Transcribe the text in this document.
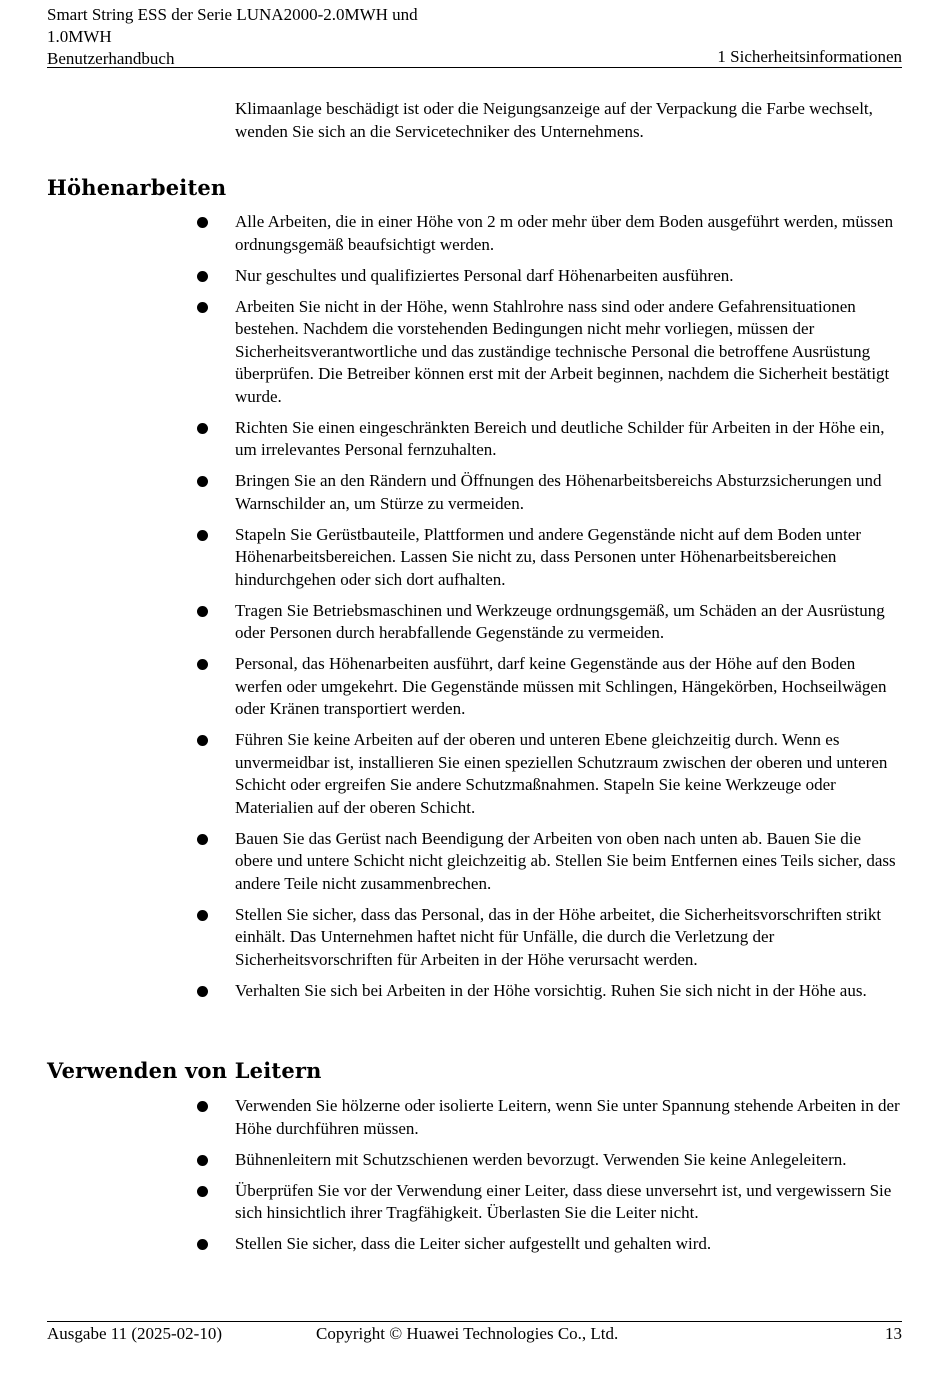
Smart String ESS der Serie LUNA2000-2.0MWH und
1.0MWH
Benutzerhandbuch	1 Sicherheitsinformationen
Klimaanlage beschädigt ist oder die Neigungsanzeige auf der Verpackung die Farbe wechselt, wenden Sie sich an die Servicetechniker des Unternehmens.
Höhenarbeiten
Alle Arbeiten, die in einer Höhe von 2 m oder mehr über dem Boden ausgeführt werden, müssen ordnungsgemäß beaufsichtigt werden.
Nur geschultes und qualifiziertes Personal darf Höhenarbeiten ausführen.
Arbeiten Sie nicht in der Höhe, wenn Stahlrohre nass sind oder andere Gefahrensituationen bestehen. Nachdem die vorstehenden Bedingungen nicht mehr vorliegen, müssen der Sicherheitsverantwortliche und das zuständige technische Personal die betroffene Ausrüstung überprüfen. Die Betreiber können erst mit der Arbeit beginnen, nachdem die Sicherheit bestätigt wurde.
Richten Sie einen eingeschränkten Bereich und deutliche Schilder für Arbeiten in der Höhe ein, um irrelevantes Personal fernzuhalten.
Bringen Sie an den Rändern und Öffnungen des Höhenarbeitsbereichs Absturzsicherungen und Warnschilder an, um Stürze zu vermeiden.
Stapeln Sie Gerüstbauteile, Plattformen und andere Gegenstände nicht auf dem Boden unter Höhenarbeitsbereichen. Lassen Sie nicht zu, dass Personen unter Höhenarbeitsbereichen hindurchgehen oder sich dort aufhalten.
Tragen Sie Betriebsmaschinen und Werkzeuge ordnungsgemäß, um Schäden an der Ausrüstung oder Personen durch herabfallende Gegenstände zu vermeiden.
Personal, das Höhenarbeiten ausführt, darf keine Gegenstände aus der Höhe auf den Boden werfen oder umgekehrt. Die Gegenstände müssen mit Schlingen, Hängekörben, Hochseilwägen oder Kränen transportiert werden.
Führen Sie keine Arbeiten auf der oberen und unteren Ebene gleichzeitig durch. Wenn es unvermeidbar ist, installieren Sie einen speziellen Schutzraum zwischen der oberen und unteren Schicht oder ergreifen Sie andere Schutzmaßnahmen. Stapeln Sie keine Werkzeuge oder Materialien auf der oberen Schicht.
Bauen Sie das Gerüst nach Beendigung der Arbeiten von oben nach unten ab. Bauen Sie die obere und untere Schicht nicht gleichzeitig ab. Stellen Sie beim Entfernen eines Teils sicher, dass andere Teile nicht zusammenbrechen.
Stellen Sie sicher, dass das Personal, das in der Höhe arbeitet, die Sicherheitsvorschriften strikt einhält. Das Unternehmen haftet nicht für Unfälle, die durch die Verletzung der Sicherheitsvorschriften für Arbeiten in der Höhe verursacht werden.
Verhalten Sie sich bei Arbeiten in der Höhe vorsichtig. Ruhen Sie sich nicht in der Höhe aus.
Verwenden von Leitern
Verwenden Sie hölzerne oder isolierte Leitern, wenn Sie unter Spannung stehende Arbeiten in der Höhe durchführen müssen.
Bühnenleitern mit Schutzschienen werden bevorzugt. Verwenden Sie keine Anlegeleitern.
Überprüfen Sie vor der Verwendung einer Leiter, dass diese unversehrt ist, und vergewissern Sie sich hinsichtlich ihrer Tragfähigkeit. Überlasten Sie die Leiter nicht.
Stellen Sie sicher, dass die Leiter sicher aufgestellt und gehalten wird.
Ausgabe 11 (2025-02-10)	Copyright © Huawei Technologies Co., Ltd.	13
